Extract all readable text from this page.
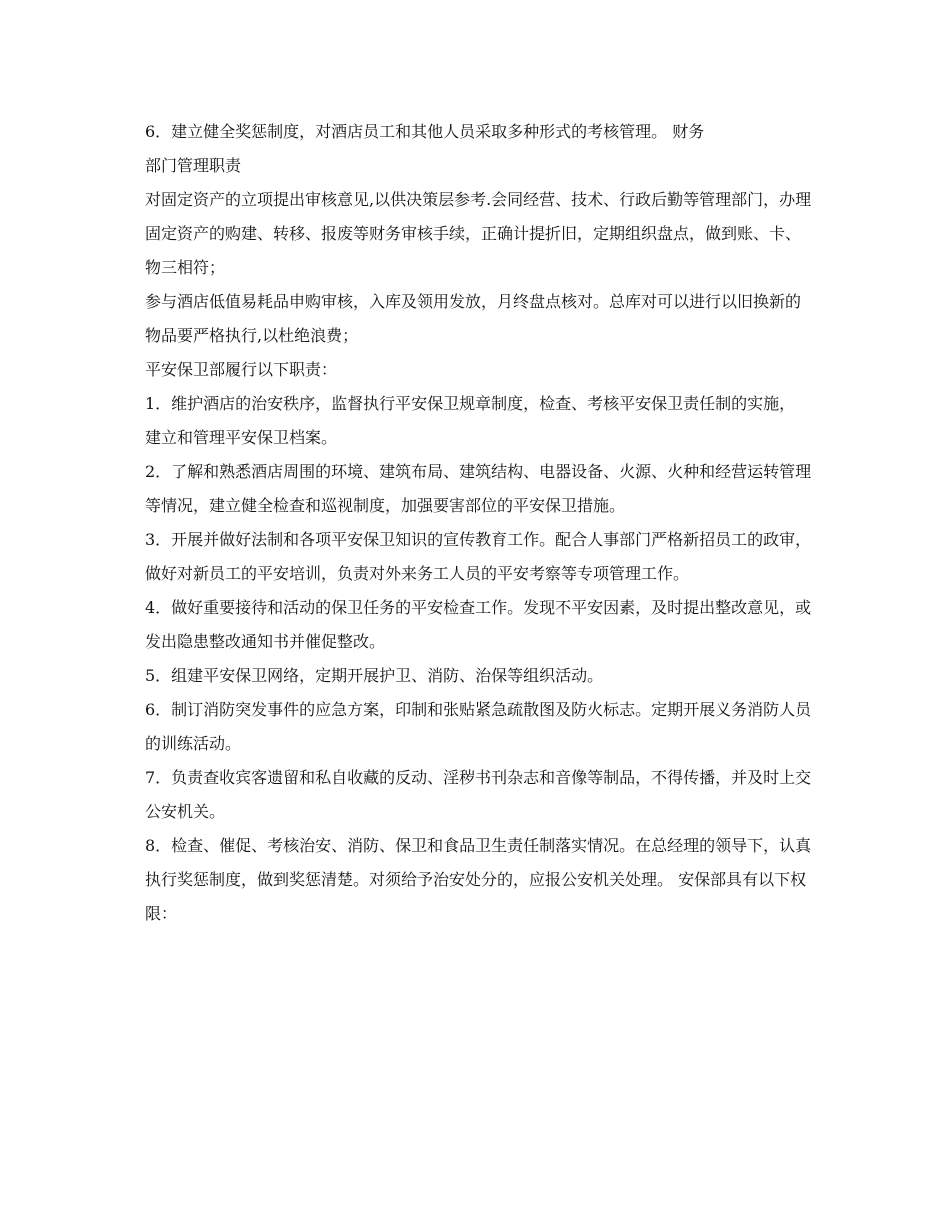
6．建立健全奖惩制度，对酒店员工和其他人员采取多种形式的考核管理。 财务

部门管理职责

对固定资产的立项提出审核意见,以供决策层参考.会同经营、技术、行政后勤等管理部门，办理固定资产的购建、转移、报废等财务审核手续，正确计提折旧，定期组织盘点，做到账、卡、物三相符；

参与酒店低值易耗品申购审核，入库及领用发放，月终盘点核对。总库对可以进行以旧换新的物品要严格执行,以杜绝浪费；

平安保卫部履行以下职责：

1．维护酒店的治安秩序，监督执行平安保卫规章制度，检查、考核平安保卫责任制的实施，

建立和管理平安保卫档案。

2．了解和熟悉酒店周围的环境、建筑布局、建筑结构、电器设备、火源、火种和经营运转管理等情况，建立健全检查和巡视制度，加强要害部位的平安保卫措施。

3．开展并做好法制和各项平安保卫知识的宣传教育工作。配合人事部门严格新招员工的政审，做好对新员工的平安培训，负责对外来务工人员的平安考察等专项管理工作。

4．做好重要接待和活动的保卫任务的平安检查工作。发现不平安因素，及时提出整改意见，或发出隐患整改通知书并催促整改。

5．组建平安保卫网络，定期开展护卫、消防、治保等组织活动。

6．制订消防突发事件的应急方案，印制和张贴紧急疏散图及防火标志。定期开展义务消防人员的训练活动。

7．负责查收宾客遗留和私自收藏的反动、淫秽书刊杂志和音像等制品，不得传播，并及时上交公安机关。

8．检查、催促、考核治安、消防、保卫和食品卫生责任制落实情况。在总经理的领导下，认真执行奖惩制度，做到奖惩清楚。对须给予治安处分的，应报公安机关处理。 安保部具有以下权限：
